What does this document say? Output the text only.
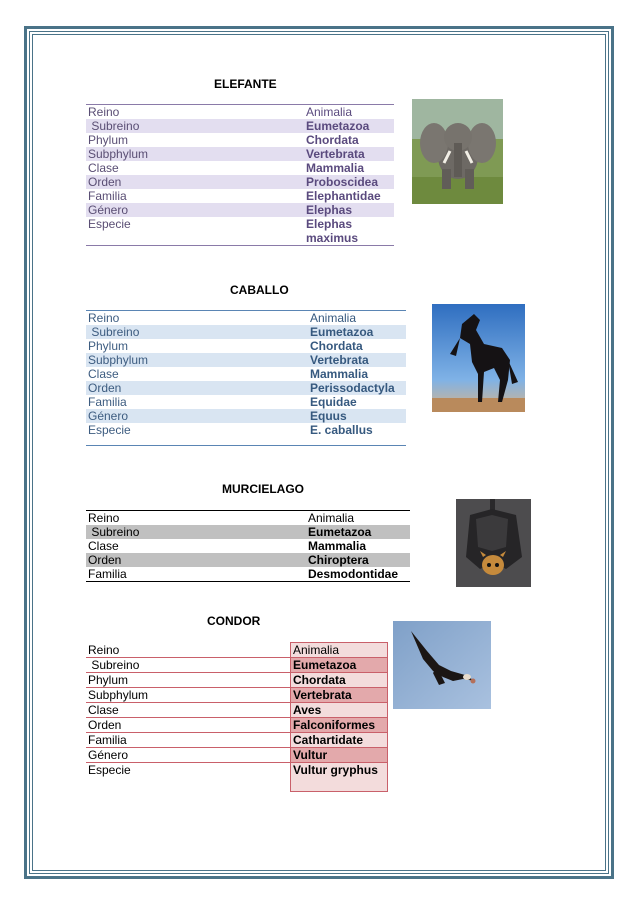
ELEFANTE
Reino	Animalia
Subreino	Eumetazoa
Phylum	Chordata
Subphylum	Vertebrata
Clase	Mammalia
Orden	Proboscidea
Familia	Elephantidae
Género	Elephas
Especie	Elephas maximus
CABALLO
Reino	Animalia
Subreino	Eumetazoa
Phylum	Chordata
Subphylum	Vertebrata
Clase	Mammalia
Orden	Perissodactyla
Familia	Equidae
Género	Equus
Especie	E. caballus
MURCIELAGO
Reino	Animalia
Subreino	Eumetazoa
Clase	Mammalia
Orden	Chiroptera
Familia	Desmodontidae
CONDOR
Reino	Animalia
Subreino	Eumetazoa
Phylum	Chordata
Subphylum	Vertebrata
Clase	Aves
Orden	Falconiformes
Familia	Cathartidate
Género	Vultur
Especie	Vultur gryphus
